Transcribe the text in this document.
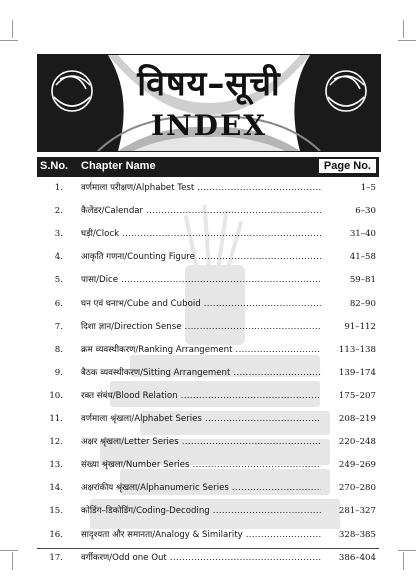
विषय–सूची
INDEX
S.No. Chapter Name	Page No.
1. वर्णमाला परीक्षण/Alphabet Test .....	1–5
2. कैलेंडर/Calendar .....	6–30
3. घड़ी/Clock .....	31–40
4. आकृति गणना/Counting Figure .....	41–58
5. पासा/Dice .....	59–81
6. घन एवं घनाभ/Cube and Cuboid .....	82–90
7. दिशा ज्ञान/Direction Sense .....	91–112
8. क्रम व्यवस्थीकरण/Ranking Arrangement .....	113–138
9. बैठक व्यवस्थीकरण/Sitting Arrangement .....	139–174
10. रक्त संबंध/Blood Relation .....	175–207
11. वर्णमाला श्रृंखला/Alphabet Series .....	208–219
12. अक्षर श्रृंखला/Letter Series .....	220–248
13. संख्या श्रृंखला/Number Series .....	249–269
14. अक्षरांकीय श्रृंखला/Alphanumeric Series .....	270–280
15. कोडिंग–डिकोडिंग/Coding-Decoding .....	281–327
16. सादृश्यता और समानता/Analogy & Similarity .....	328–385
17. वर्गीकरण/Odd one Out .....	386–404
